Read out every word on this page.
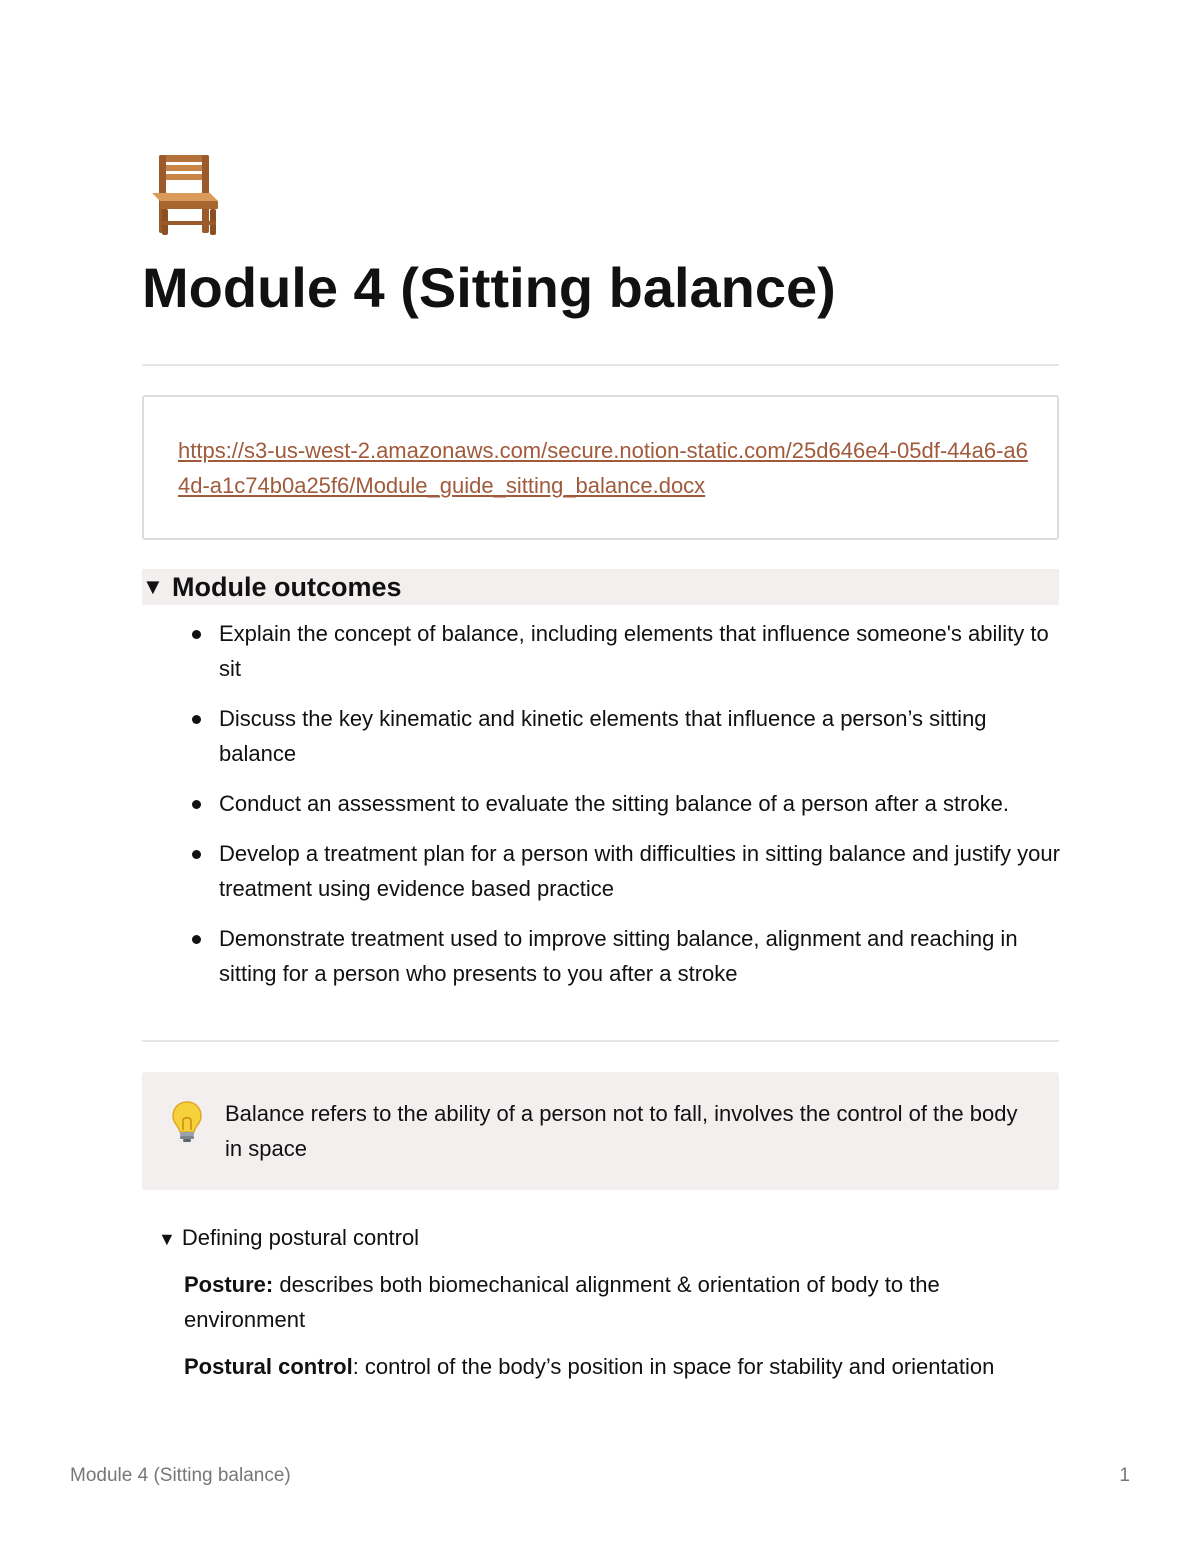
Module 4 (Sitting balance)
https://s3-us-west-2.amazonaws.com/secure.notion-static.com/25d646e4-05df-44a6-a64d-a1c74b0a25f6/Module_guide_sitting_balance.docx
▼ Module outcomes
Explain the concept of balance, including elements that influence someone's ability to sit
Discuss the key kinematic and kinetic elements that influence a person’s sitting balance
Conduct an assessment to evaluate the sitting balance of a person after a stroke.
Develop a treatment plan for a person with difficulties in sitting balance and justify your treatment using evidence based practice
Demonstrate treatment used to improve sitting balance, alignment and reaching in sitting for a person who presents to you after a stroke
Balance refers to the ability of a person not to fall, involves the control of the body in space
▼ Defining postural control

Posture: describes both biomechanical alignment & orientation of body to the environment

Postural control: control of the body’s position in space for stability and orientation

Module 4 (Sitting balance)	1
